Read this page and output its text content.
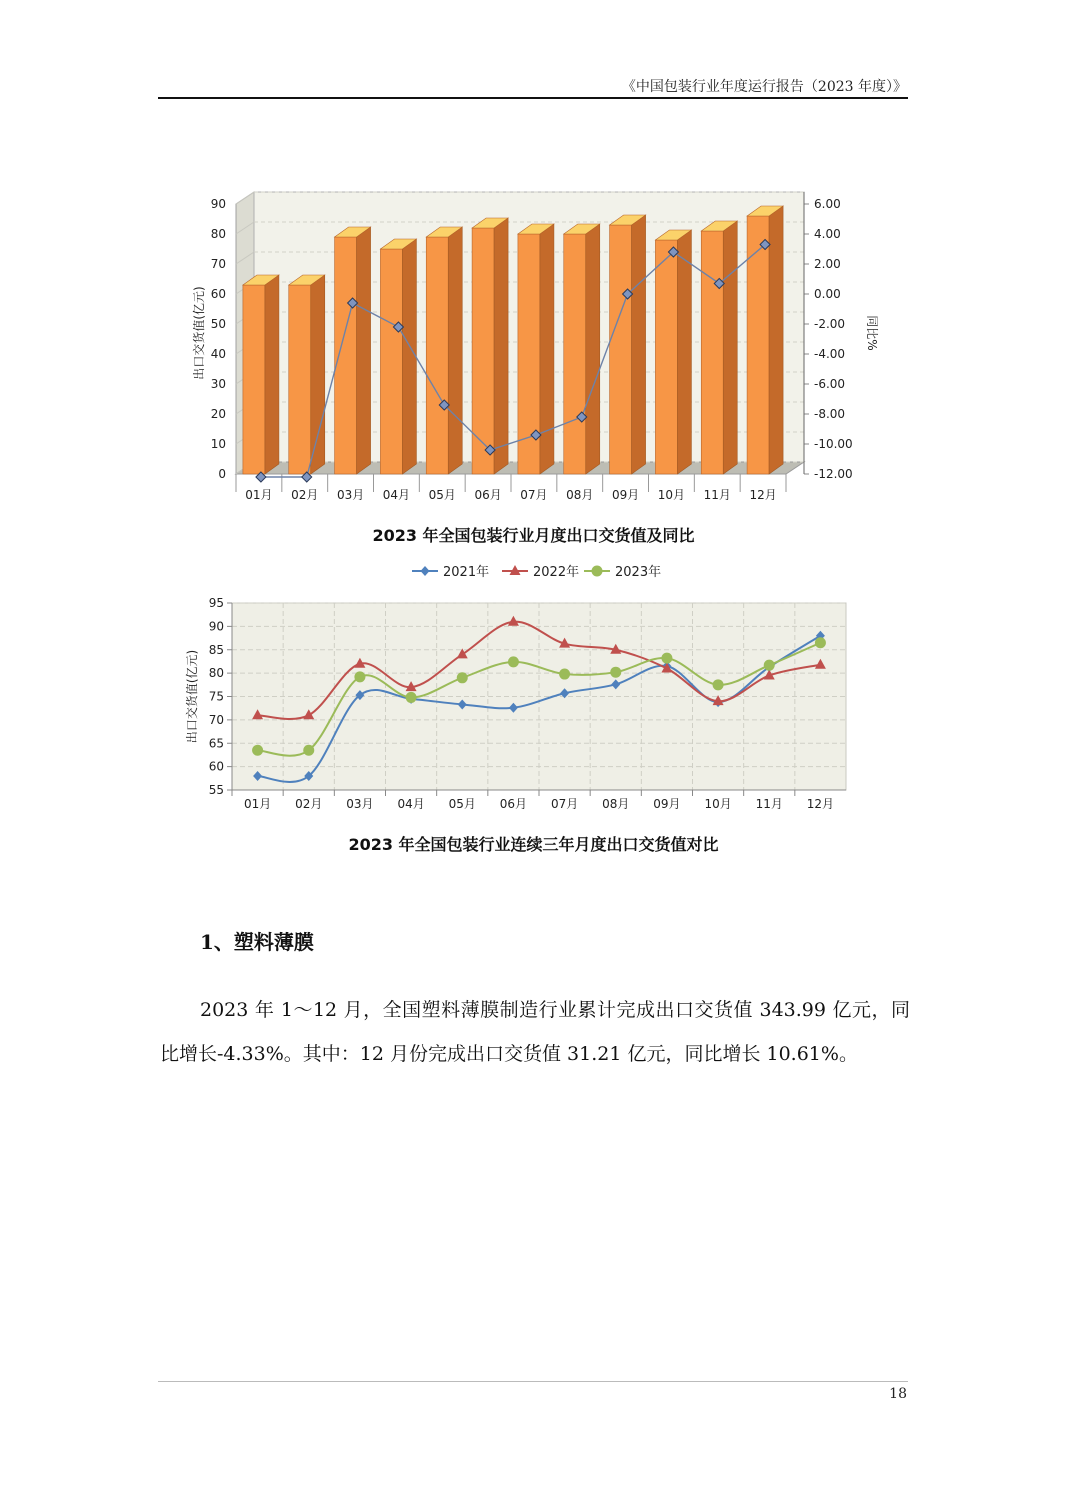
《中国包装行业年度运行报告（2023 年度）》
0
10
20
30
40
50
60
70
80
90
-12.00
-10.00
-8.00
-6.00
-4.00
-2.00
0.00
2.00
4.00
6.00
01月 02月 03月 04月 05月 06月 07月 08月 09月 10月 11月 12月
出口交货值(亿元)	同比%
2023 年全国包装行业月度出口交货值及同比
55
60
65
70
75
80
85
90
95
01月 02月 03月 04月 05月 06月 07月 08月 09月 10月 11月 12月
2021年	2022年	2023年
出口交货值(亿元)
2023 年全国包装行业连续三年月度出口交货值对比
1、塑料薄膜
2023 年 1～12 月，全国塑料薄膜制造行业累计完成出口交货值 343.99 亿元，同比增长-4.33%。其中：12 月份完成出口交货值 31.21 亿元，同比增长 10.61%。
18
